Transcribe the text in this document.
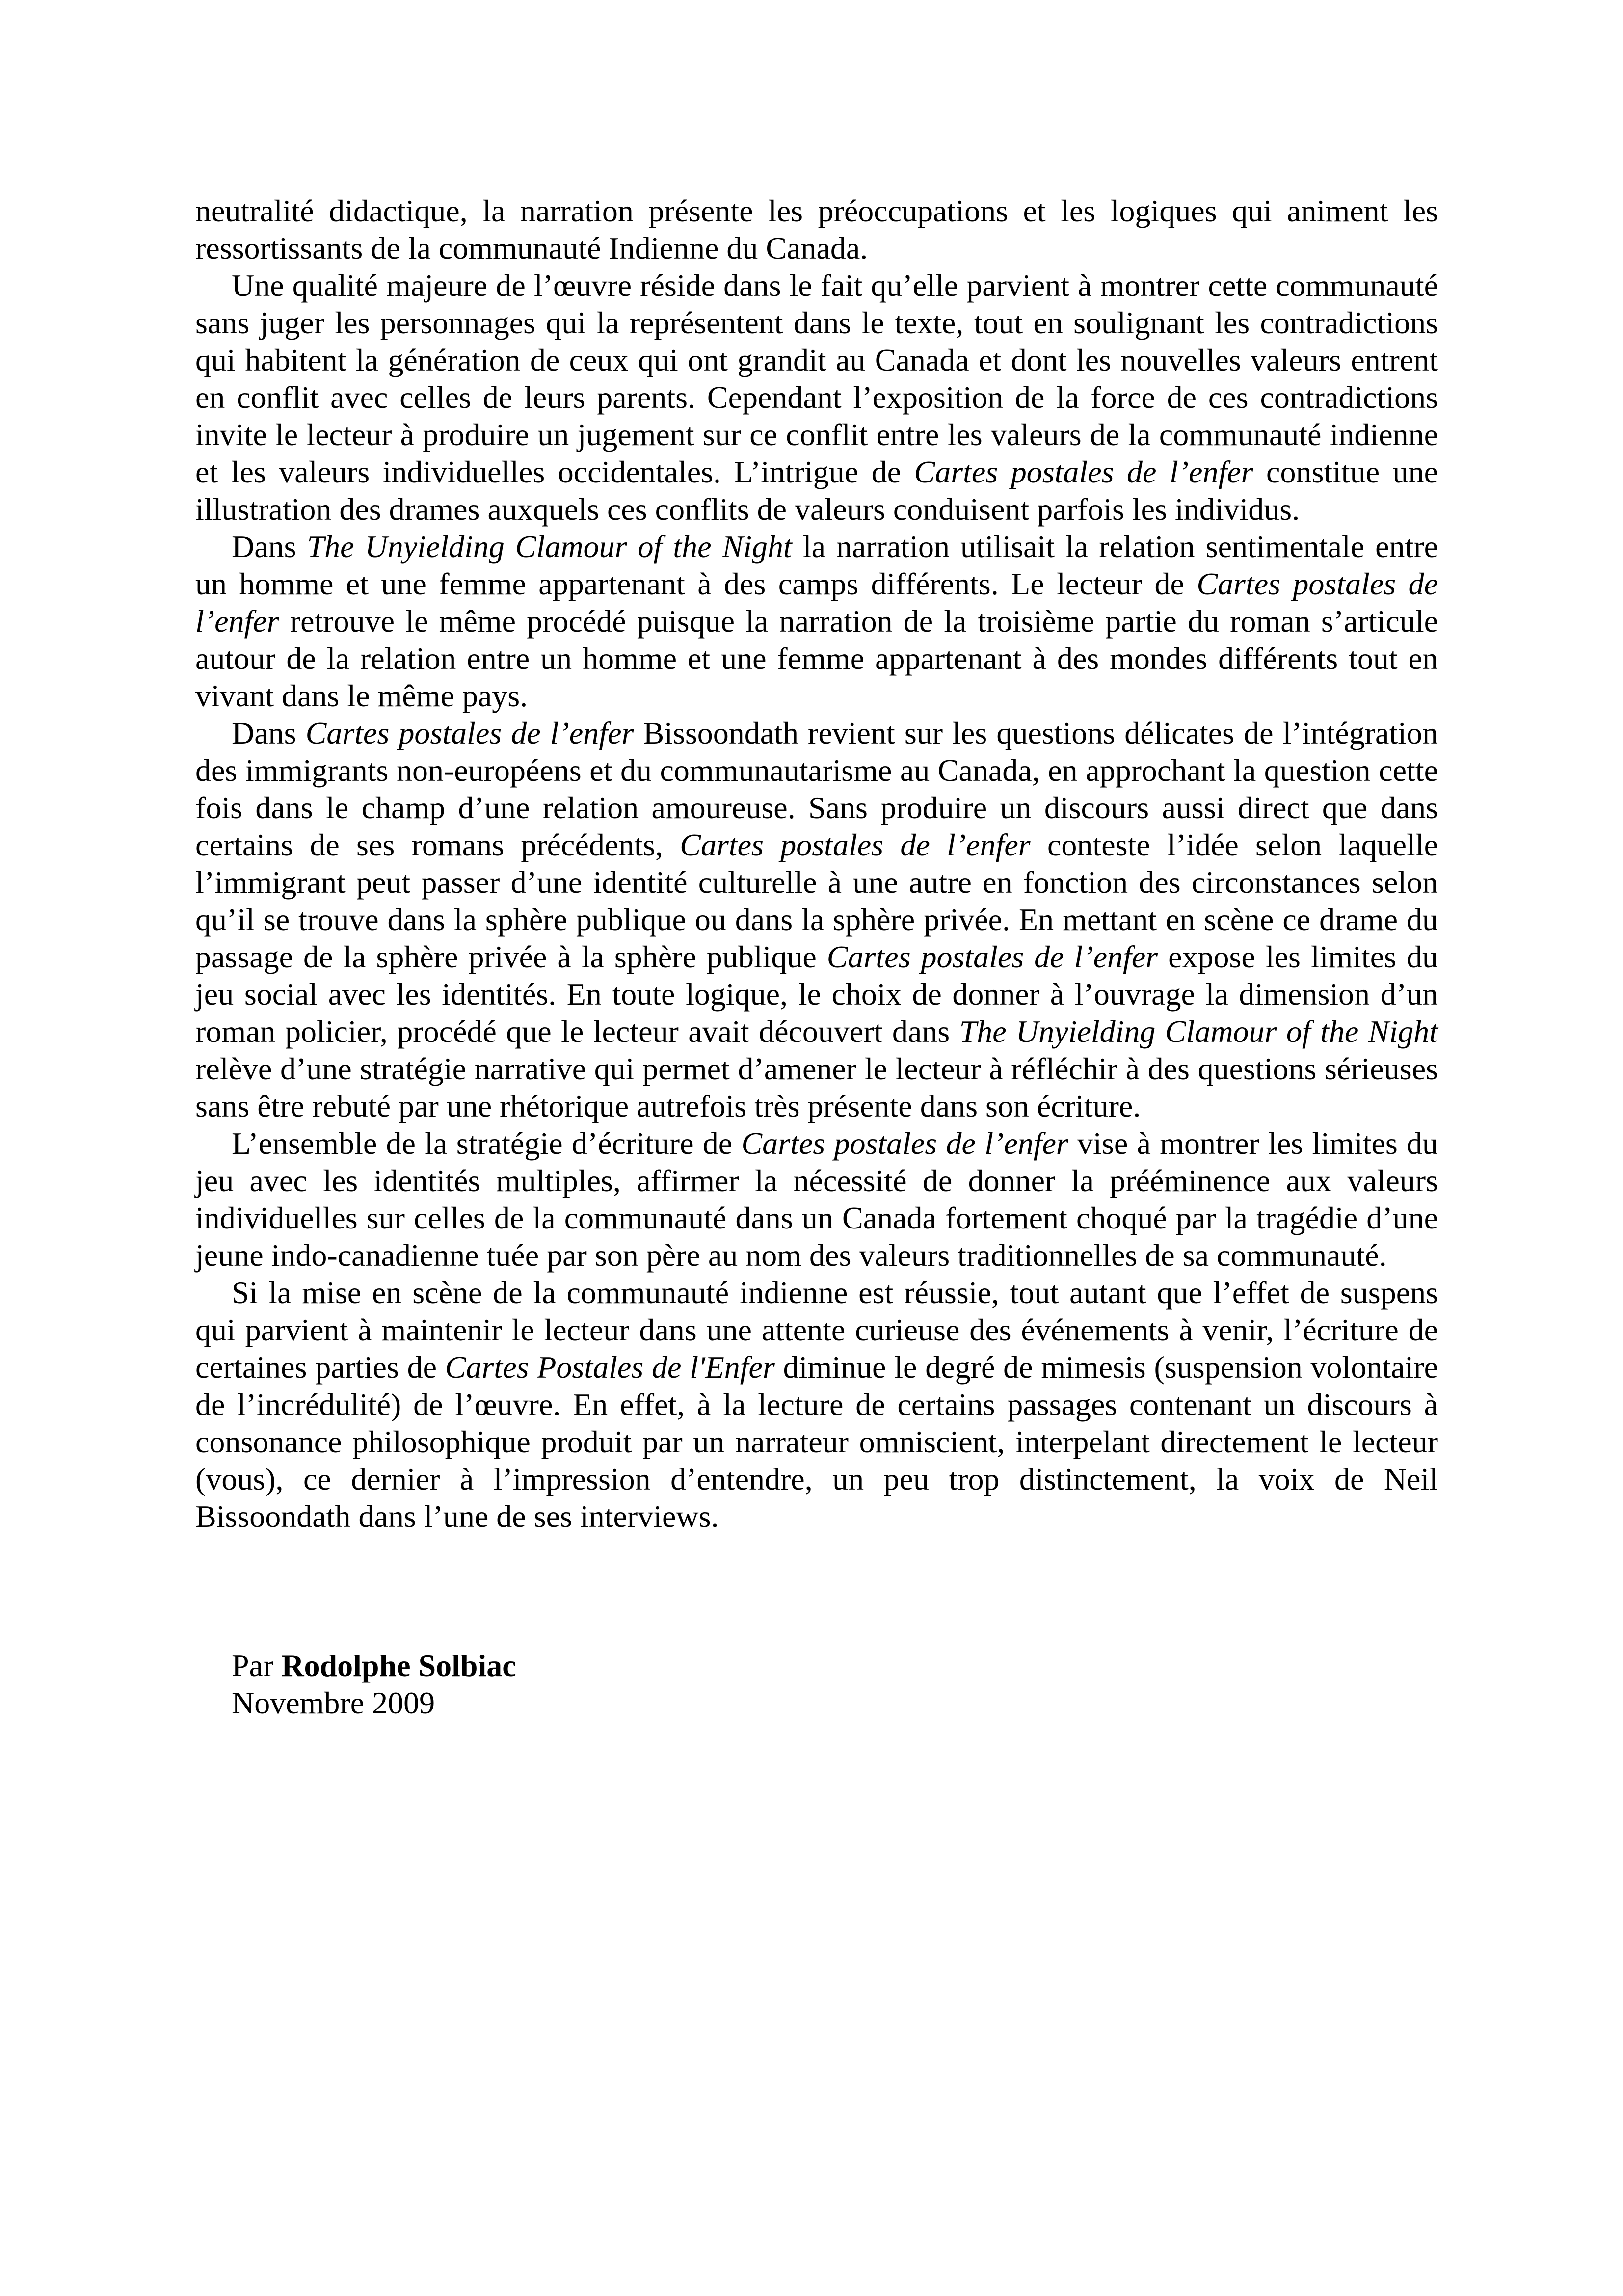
neutralité didactique, la narration présente les préoccupations et les logiques qui animent les ressortissants de la communauté Indienne du Canada.

Une qualité majeure de l’œuvre réside dans le fait qu’elle parvient à montrer cette communauté sans juger les personnages qui la représentent dans le texte, tout en soulignant les contradictions qui habitent la génération de ceux qui ont grandit au Canada et dont les nouvelles valeurs entrent en conflit avec celles de leurs parents. Cependant l’exposition de la force de ces contradictions invite le lecteur à produire un jugement sur ce conflit entre les valeurs de la communauté indienne et les valeurs individuelles occidentales. L’intrigue de Cartes postales de l’enfer constitue une illustration des drames auxquels ces conflits de valeurs conduisent parfois les individus.

Dans The Unyielding Clamour of the Night la narration utilisait la relation sentimentale entre un homme et une femme appartenant à des camps différents. Le lecteur de Cartes postales de l’enfer retrouve le même procédé puisque la narration de la troisième partie du roman s’articule autour de la relation entre un homme et une femme appartenant à des mondes différents tout en vivant dans le même pays.

Dans Cartes postales de l’enfer Bissoondath revient sur les questions délicates de l’intégration des immigrants non-européens et du communautarisme au Canada, en approchant la question cette fois dans le champ d’une relation amoureuse. Sans produire un discours aussi direct que dans certains de ses romans précédents, Cartes postales de l’enfer conteste l’idée selon laquelle l’immigrant peut passer d’une identité culturelle à une autre en fonction des circonstances selon qu’il se trouve dans la sphère publique ou dans la sphère privée. En mettant en scène ce drame du passage de la sphère privée à la sphère publique Cartes postales de l’enfer expose les limites du jeu social avec les identités. En toute logique, le choix de donner à l’ouvrage la dimension d’un roman policier, procédé que le lecteur avait découvert dans The Unyielding Clamour of the Night relève d’une stratégie narrative qui permet d’amener le lecteur à réfléchir à des questions sérieuses sans être rebuté par une rhétorique autrefois très présente dans son écriture.

L’ensemble de la stratégie d’écriture de Cartes postales de l’enfer vise à montrer les limites du jeu avec les identités multiples, affirmer la nécessité de donner la prééminence aux valeurs individuelles sur celles de la communauté dans un Canada fortement choqué par la tragédie d’une jeune indo-canadienne tuée par son père au nom des valeurs traditionnelles de sa communauté.

Si la mise en scène de la communauté indienne est réussie, tout autant que l’effet de suspens qui parvient à maintenir le lecteur dans une attente curieuse des événements à venir, l’écriture de certaines parties de Cartes Postales de l'Enfer diminue le degré de mimesis (suspension volontaire de l’incrédulité) de l’œuvre. En effet, à la lecture de certains passages contenant un discours à consonance philosophique produit par un narrateur omniscient, interpelant directement le lecteur (vous), ce dernier à l’impression d’entendre, un peu trop distinctement, la voix de Neil Bissoondath dans l’une de ses interviews.

Par Rodolphe Solbiac
Novembre 2009
